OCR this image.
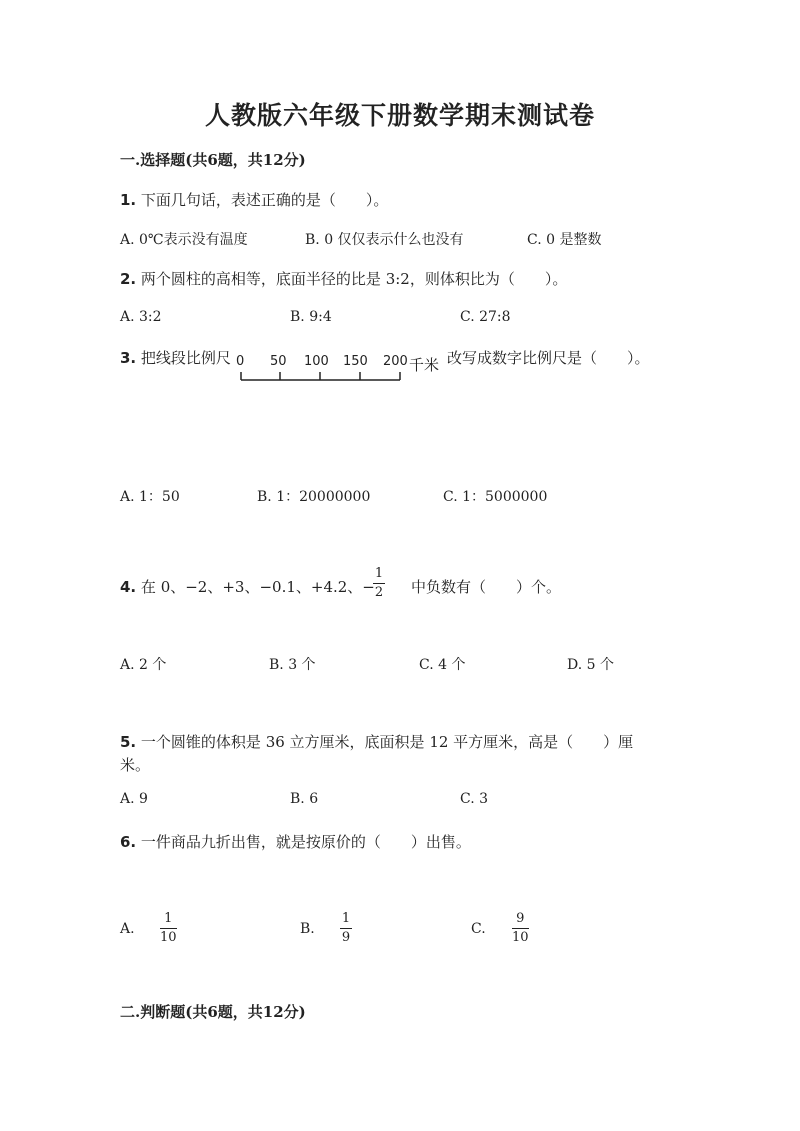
人教版六年级下册数学期末测试卷
一.选择题(共6题，共12分)
1. 下面几句话，表述正确的是（　　）。
A. 0℃表示没有温度	B. 0 仅仅表示什么也没有	C. 0 是整数
2. 两个圆柱的高相等，底面半径的比是 3:2，则体积比为（　　）。
A. 3:2	B. 9:4	C. 27:8
3. 把线段比例尺 0 50 100 150 200 千米 改写成数字比例尺是（　　）。
A. 1：50	B. 1：20000000	C. 1：5000000
4. 在 0、−2、+3、−0.1、+4.2、−
1
2 中负数有（　　）个。
A. 2 个	B. 3 个	C. 4 个	D. 5 个
5. 一个圆锥的体积是 36 立方厘米，底面积是 12 平方厘米，高是（　　）厘
米。
A. 9	B. 6	C. 3
6. 一件商品九折出售，就是按原价的（　　）出售。
A.
1
10
B.
1
9
C.
9
10
二.判断题(共6题，共12分)
